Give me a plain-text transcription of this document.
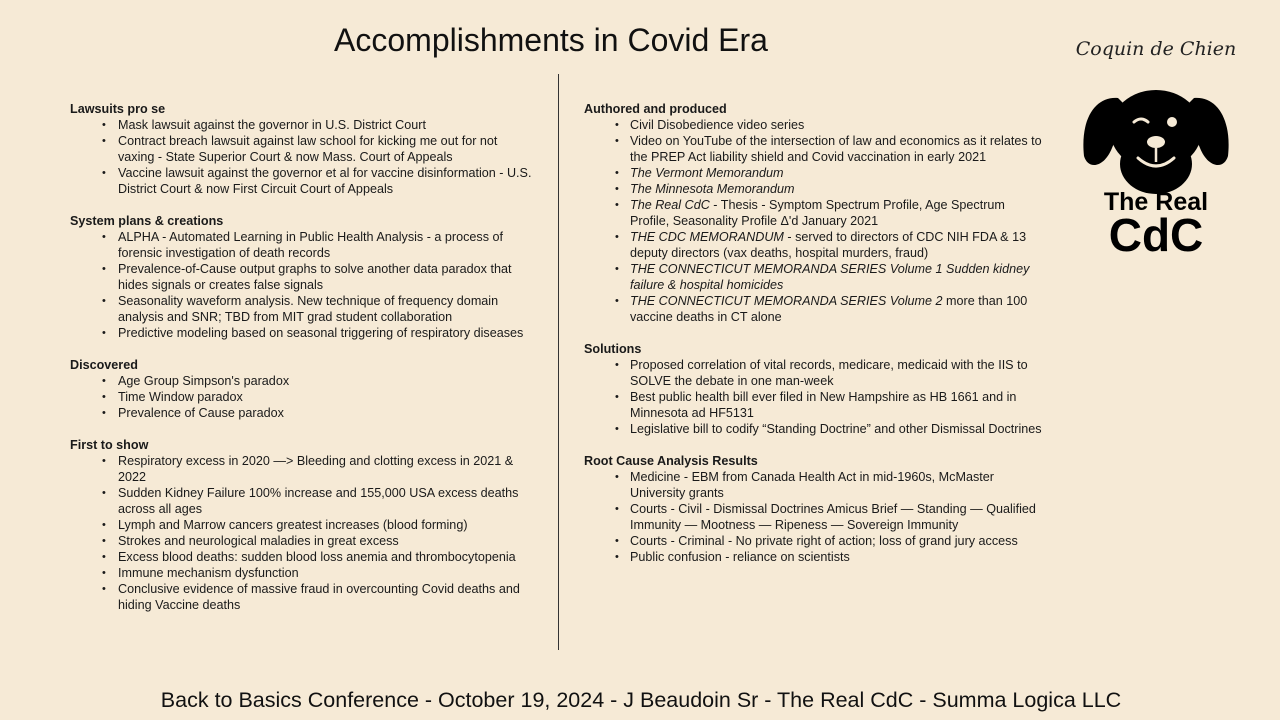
Accomplishments in Covid Era
Lawsuits pro se
• Mask lawsuit against the governor in U.S. District Court
• Contract breach lawsuit against law school for kicking me out for not vaxing - State Superior Court & now Mass. Court of Appeals
• Vaccine lawsuit against the governor et al for vaccine disinformation - U.S. District Court & now First Circuit Court of Appeals
System plans & creations
• ALPHA - Automated Learning in Public Health Analysis - a process of forensic investigation of death records
• Prevalence-of-Cause output graphs to solve another data paradox that hides signals or creates false signals
• Seasonality waveform analysis. New technique of frequency domain analysis and SNR; TBD from MIT grad student collaboration
• Predictive modeling based on seasonal triggering of respiratory diseases
Discovered
• Age Group Simpson's paradox
• Time Window paradox
• Prevalence of Cause paradox
First to show
• Respiratory excess in 2020 —> Bleeding and clotting excess in 2021 & 2022
• Sudden Kidney Failure 100% increase and 155,000 USA excess deaths across all ages
• Lymph and Marrow cancers greatest increases (blood forming)
• Strokes and neurological maladies in great excess
• Excess blood deaths: sudden blood loss anemia and thrombocytopenia
• Immune mechanism dysfunction
• Conclusive evidence of massive fraud in overcounting Covid deaths and hiding Vaccine deaths
Authored and produced
• Civil Disobedience video series
• Video on YouTube of the intersection of law and economics as it relates to the PREP Act liability shield and Covid vaccination in early 2021
• The Vermont Memorandum
• The Minnesota Memorandum
• The Real CdC - Thesis - Symptom Spectrum Profile, Age Spectrum Profile, Seasonality Profile Δ'd January 2021
• THE CDC MEMORANDUM - served to directors of CDC NIH FDA & 13 deputy directors (vax deaths, hospital murders, fraud)
• THE CONNECTICUT MEMORANDA SERIES Volume 1 Sudden kidney failure & hospital homicides
• THE CONNECTICUT MEMORANDA SERIES Volume 2 more than 100 vaccine deaths in CT alone
Solutions
• Proposed correlation of vital records, medicare, medicaid with the IIS to SOLVE the debate in one man-week
• Best public health bill ever filed in New Hampshire as HB 1661 and in Minnesota ad HF5131
• Legislative bill to codify “Standing Doctrine” and other Dismissal Doctrines
Root Cause Analysis Results
• Medicine - EBM from Canada Health Act in mid-1960s, McMaster University grants
• Courts - Civil - Dismissal Doctrines Amicus Brief — Standing — Qualified Immunity — Mootness — Ripeness — Sovereign Immunity
• Courts - Criminal - No private right of action; loss of grand jury access
• Public confusion - reliance on scientists
Coquin de Chien
The Real
CdC
Back to Basics Conference - October 19, 2024 - J Beaudoin Sr - The Real CdC - Summa Logica LLC
